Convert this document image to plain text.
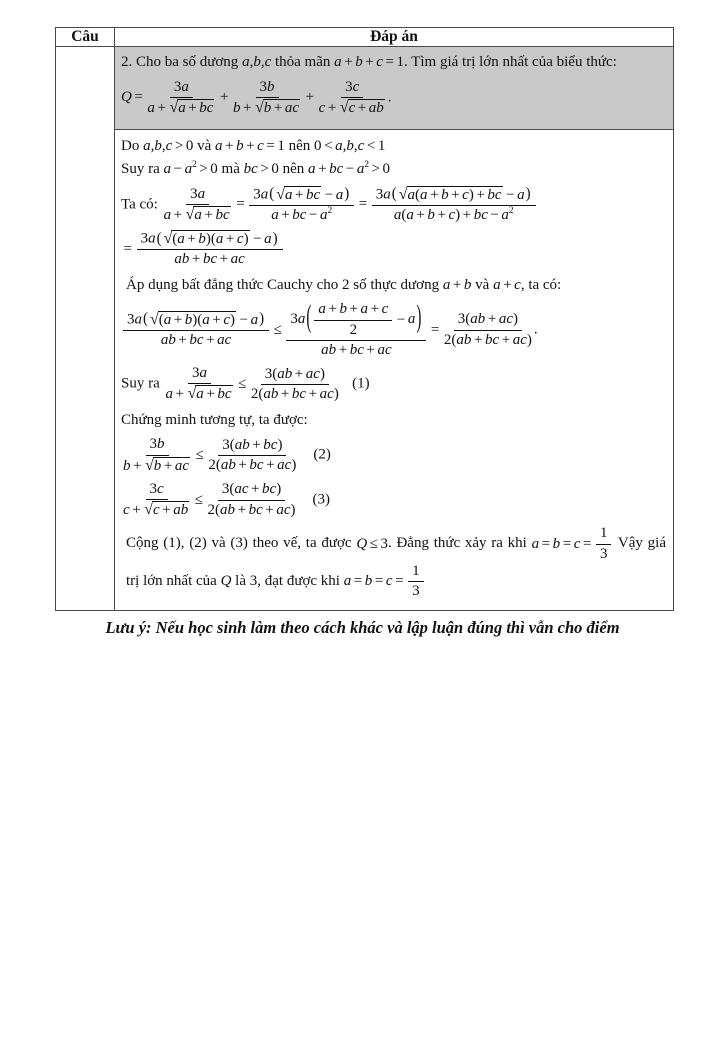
Câu	Đáp án

2. Cho ba số dương a,b,c thỏa mãn a + b + c = 1. Tìm giá trị lớn nhất của biểu thức:
$Q = \frac{3a}{a + √ a + bc} + \frac{3b}{b + √ b + ac} + \frac{3c}{c + √ c + ab}$ .
Do a,b,c > 0 và a + b + c = 1 nên 0 < a,b,c < 1
Suy ra $a - a^2 > 0$ mà bc > 0 nên a + bc − $a^2 > 0$
Ta có: $\frac{3a}{a + √ a + bc} = \frac{3a ( √ a + bc - a )}{a + bc - a^2} = \frac{3a ( √ a(a + b + c) + bc - a )}{a(a + b + c) + bc - a^2}$
= $\frac{3a ( √ (a + b)(a + c) - a )}{ab + bc + ac}$
Áp dụng bất đẳng thức Cauchy cho 2 số thực dương a + b và a + c, ta có:
$\frac{3a ( √ (a + b)(a + c) - a )}{ab + bc + ac} \le \frac{3a ( \frac{a + b + a + c}{2} - a )}{ab + bc + ac} = \frac{3(ab + ac)}{2(ab + bc + ac)}$ .
Suy ra $\frac{3a}{a + √ a + bc} \le \frac{3(ab + ac)}{2(ab + bc + ac)} (1)$
Chứng minh tương tự, ta được:
$\frac{3b}{b + √ b + ac} \le \frac{3(ab + bc)}{2(ab + bc + ac)} (2)$
$\frac{3c}{c + √ c + ab} \le \frac{3(ac + bc)}{2(ab + bc + ac)} (3)$
Cộng (1), (2) và (3) theo vế, ta được Q ≤ 3. Đẳng thức xảy ra khi $a = b = c = \frac{1}{3}$ Vậy giá trị lớn nhất của Q là 3, đạt được khi $a = b = c = \frac{1}{3}$
Lưu ý: Nếu học sinh làm theo cách khác và lập luận đúng thì vẫn cho điểm
